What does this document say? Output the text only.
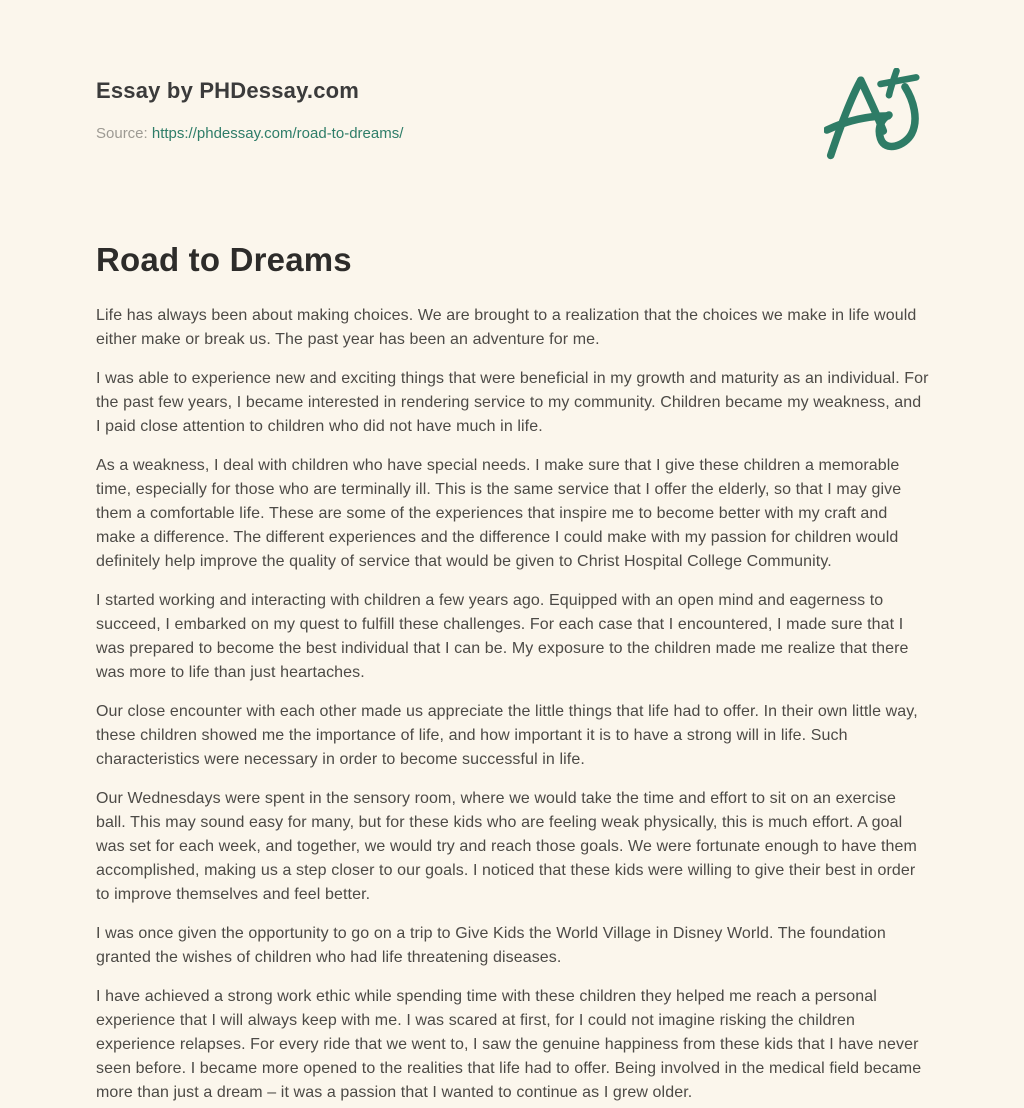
Essay by PHDessay.com

Source: https://phdessay.com/road-to-dreams/

Road to Dreams

Life has always been about making choices. We are brought to a realization that the choices we make in life would either make or break us. The past year has been an adventure for me.

I was able to experience new and exciting things that were beneficial in my growth and maturity as an individual. For the past few years, I became interested in rendering service to my community. Children became my weakness, and I paid close attention to children who did not have much in life.

As a weakness, I deal with children who have special needs. I make sure that I give these children a memorable time, especially for those who are terminally ill. This is the same service that I offer the elderly, so that I may give them a comfortable life. These are some of the experiences that inspire me to become better with my craft and make a difference. The different experiences and the difference I could make with my passion for children would definitely help improve the quality of service that would be given to Christ Hospital College Community.

I started working and interacting with children a few years ago. Equipped with an open mind and eagerness to succeed, I embarked on my quest to fulfill these challenges. For each case that I encountered, I made sure that I was prepared to become the best individual that I can be. My exposure to the children made me realize that there was more to life than just heartaches.

Our close encounter with each other made us appreciate the little things that life had to offer. In their own little way, these children showed me the importance of life, and how important it is to have a strong will in life. Such characteristics were necessary in order to become successful in life.

Our Wednesdays were spent in the sensory room, where we would take the time and effort to sit on an exercise ball. This may sound easy for many, but for these kids who are feeling weak physically, this is much effort. A goal was set for each week, and together, we would try and reach those goals. We were fortunate enough to have them accomplished, making us a step closer to our goals. I noticed that these kids were willing to give their best in order to improve themselves and feel better.

I was once given the opportunity to go on a trip to Give Kids the World Village in Disney World. The foundation granted the wishes of children who had life threatening diseases.

I have achieved a strong work ethic while spending time with these children they helped me reach a personal experience that I will always keep with me. I was scared at first, for I could not imagine risking the children experience relapses. For every ride that we went to, I saw the genuine happiness from these kids that I have never seen before. I became more opened to the realities that life had to offer. Being involved in the medical field became more than just a dream – it was a passion that I wanted to continue as I grew older.
